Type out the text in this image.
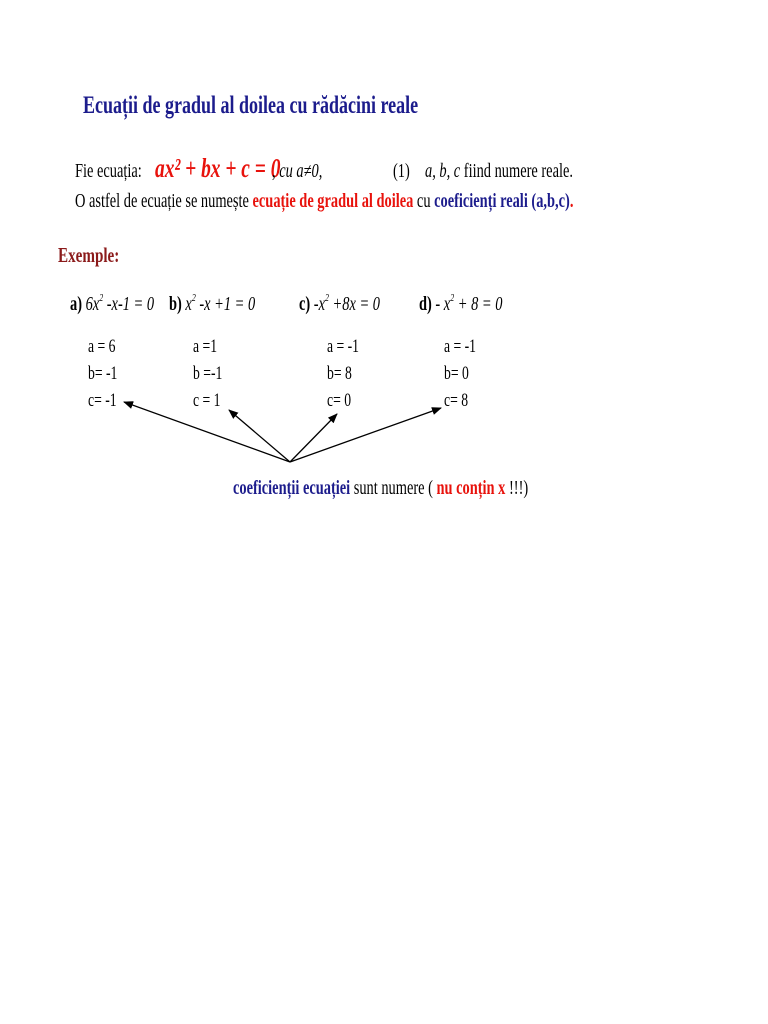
Ecuații de gradul al doilea cu rădăcini reale
Fie ecuația: ax² + bx + c = 0
, cu a≠0,	(1) a, b, c fiind numere reale.
O astfel de ecuație se numește ecuație de gradul al doilea cu coeficienți reali (a,b,c).
Exemple:
a) $6x^2$ -x-1 = 0 b) $x^2$ -x +1 = 0	c) $-x^2 +8x = 0$	$d) - x^2 + 8 = 0$
a = 6
b= -1
c= -1
a =1
b =-1
c = 1
a = -1
b= 8
c= 0
a = -1
b= 0
c= 8
coeficienții ecuației sunt numere ( nu conțin x !!!)
